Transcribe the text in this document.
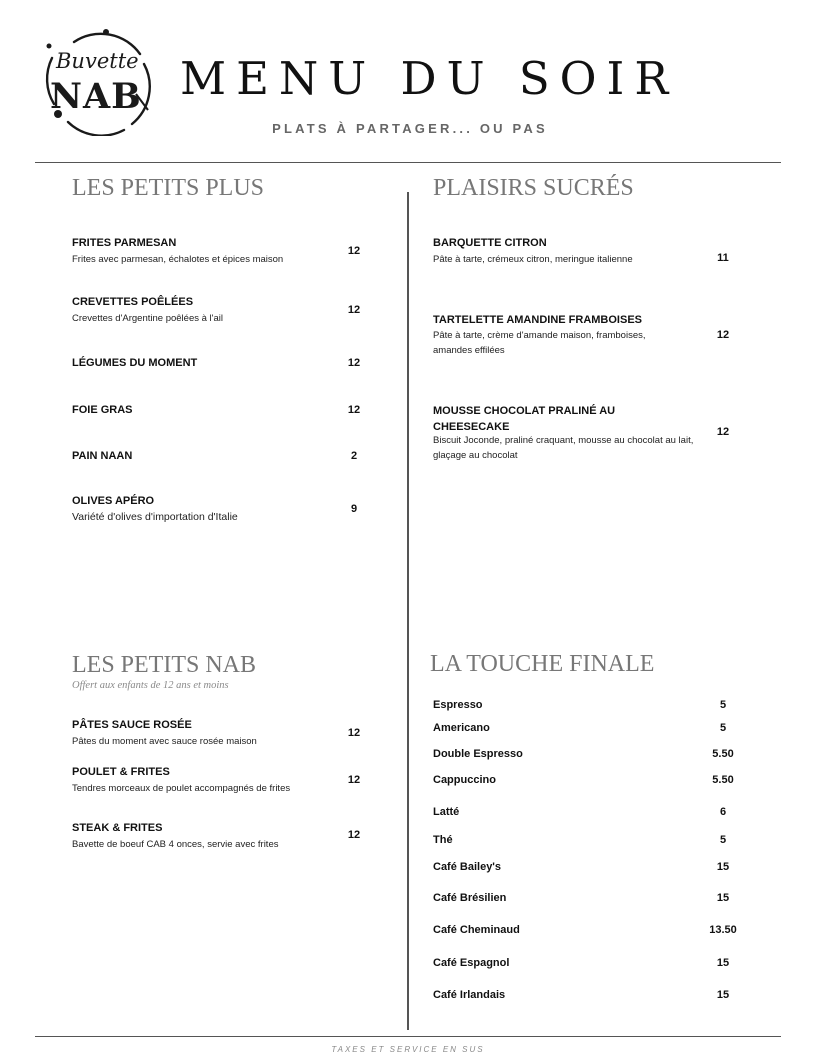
Buvette
NAB MENU DU SOIR
PLATS À PARTAGER... OU PAS
LES PETITS PLUS
FRITES PARMESAN
Frites avec parmesan, échalotes et épices maison
12
CREVETTES POÊLÉES
Crevettes d'Argentine poêlées à l'ail
12
LÉGUMES DU MOMENT	12
FOIE GRAS	12
PAIN NAAN	2
OLIVES APÉRO
Variété d'olives d'importation d'Italie
9
PLAISIRS SUCRÉS
BARQUETTE CITRON
Pâte à tarte, crémeux citron, meringue italienne	11
TARTELETTE AMANDINE FRAMBOISES
Pâte à tarte, crème d'amande maison, framboises, amandes effilées
12
MOUSSE CHOCOLAT PRALINÉ AU CHEESECAKE
Biscuit Joconde, praliné craquant, mousse au chocolat au lait, glaçage au chocolat
12
LES PETITS NAB
Offert aux enfants de 12 ans et moins
PÂTES SAUCE ROSÉE
Pâtes du moment avec sauce rosée maison
12
POULET & FRITES
Tendres morceaux de poulet accompagnés de frites
12
STEAK & FRITES
Bavette de boeuf CAB 4 onces, servie avec frites
12
LA TOUCHE FINALE
Espresso	5
Americano	5
Double Espresso	5.50
Cappuccino	5.50
Latté	6
Thé	5
Café Bailey's	15
Café Brésilien	15
Café Cheminaud	13.50
Café Espagnol	15
Café Irlandais	15
TAXES ET SERVICE EN SUS
